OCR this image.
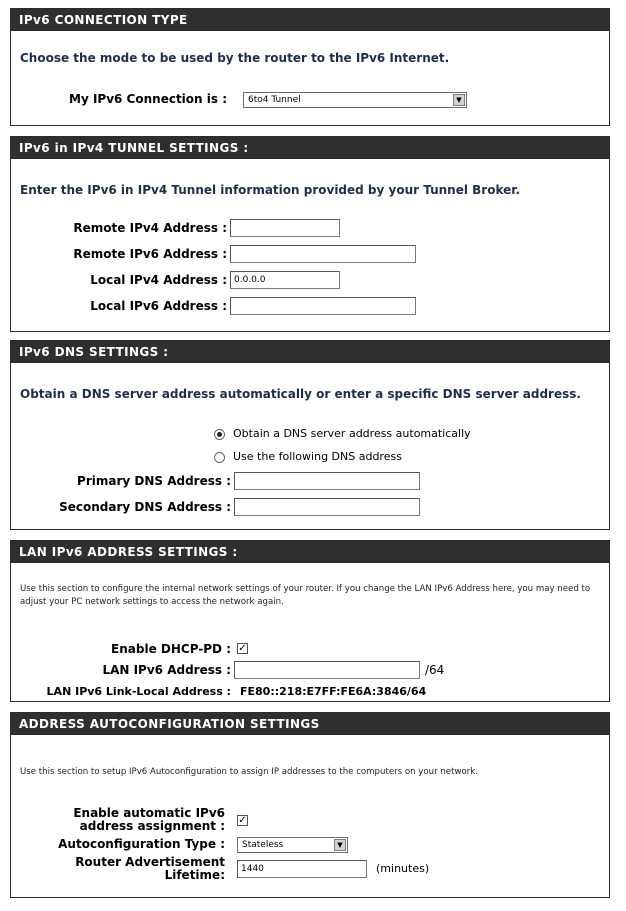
IPv6 CONNECTION TYPE
Choose the mode to be used by the router to the IPv6 Internet.
My IPv6 Connection is :	6to4 Tunnel	▼
IPv6 in IPv4 TUNNEL SETTINGS :
Enter the IPv6 in IPv4 Tunnel information provided by your Tunnel Broker.
Remote IPv4 Address :
Remote IPv6 Address :
Local IPv4 Address :
0.0.0.0
Local IPv6 Address :
IPv6 DNS SETTINGS :
Obtain a DNS server address automatically or enter a specific DNS server address.
Obtain a DNS server address automatically
Use the following DNS address
Primary DNS Address :
Secondary DNS Address :
LAN IPv6 ADDRESS SETTINGS :
Use this section to configure the internal network settings of your router. If you change the LAN IPv6 Address here, you may need to adjust your PC network settings to access the network again.
Enable DHCP-PD : ✓
LAN IPv6 Address :	/64
LAN IPv6 Link-Local Address : FE80::218:E7FF:FE6A:3846/64
ADDRESS AUTOCONFIGURATION SETTINGS
Use this section to setup IPv6 Autoconfiguration to assign IP addresses to the computers on your network.
Enable automatic IPv6
address assignment : ✓
Autoconfiguration Type :	Stateless	▼
Router Advertisement
Lifetime:
1440	(minutes)
